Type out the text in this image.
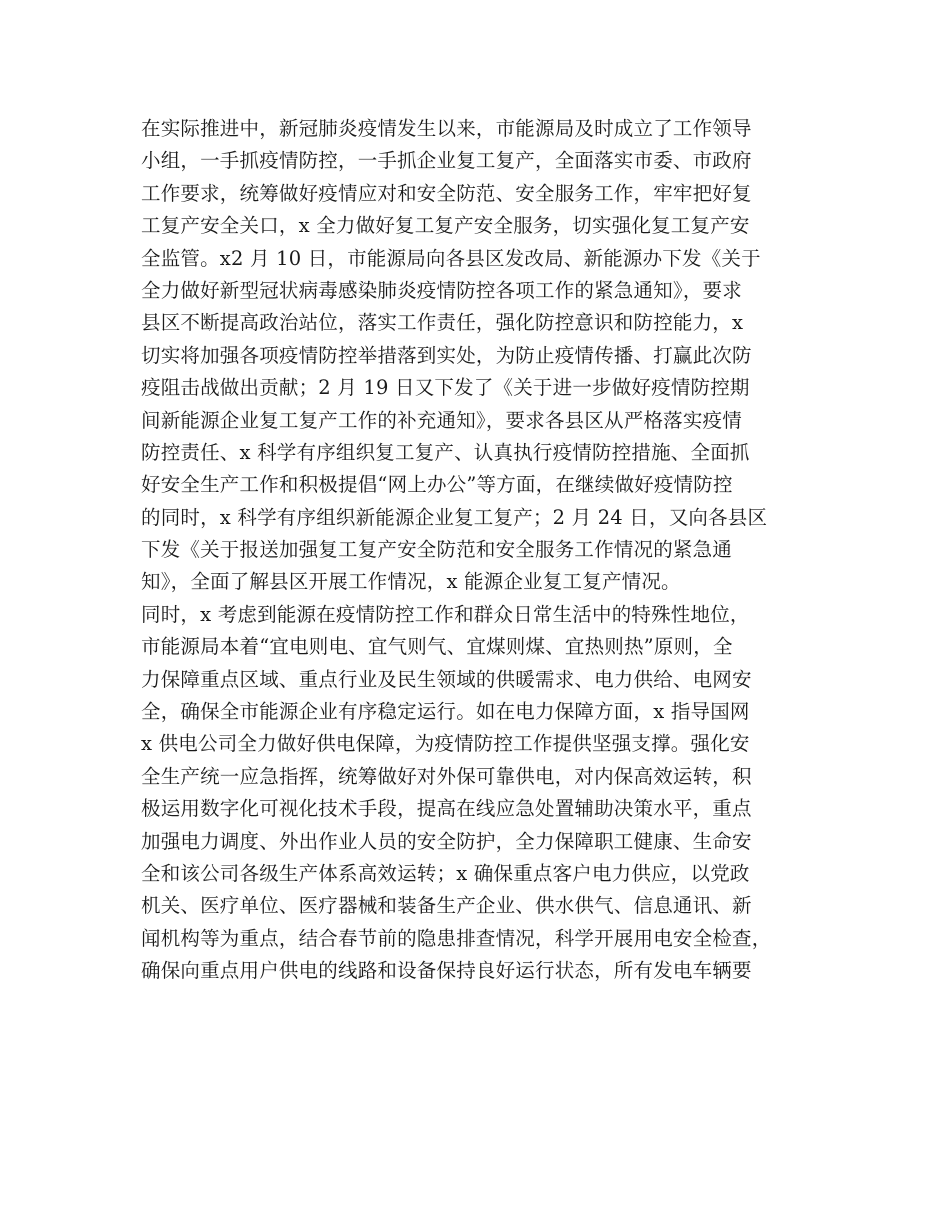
在实际推进中，新冠肺炎疫情发生以来，市能源局及时成立了工作领导
小组，一手抓疫情防控，一手抓企业复工复产，全面落实市委、市政府
工作要求，统筹做好疫情应对和安全防范、安全服务工作，牢牢把好复
工复产安全关口，x 全力做好复工复产安全服务，切实强化复工复产安
全监管。x2 月 10 日，市能源局向各县区发改局、新能源办下发《关于
全力做好新型冠状病毒感染肺炎疫情防控各项工作的紧急通知》，要求
县区不断提高政治站位，落实工作责任，强化防控意识和防控能力，x
切实将加强各项疫情防控举措落到实处，为防止疫情传播、打赢此次防
疫阻击战做出贡献；2 月 19 日又下发了《关于进一步做好疫情防控期
间新能源企业复工复产工作的补充通知》，要求各县区从严格落实疫情
防控责任、x 科学有序组织复工复产、认真执行疫情防控措施、全面抓
好安全生产工作和积极提倡“网上办公”等方面，在继续做好疫情防控
的同时，x 科学有序组织新能源企业复工复产；2 月 24 日，又向各县区
下发《关于报送加强复工复产安全防范和安全服务工作情况的紧急通
知》，全面了解县区开展工作情况，x 能源企业复工复产情况。
同时，x 考虑到能源在疫情防控工作和群众日常生活中的特殊性地位，
市能源局本着“宜电则电、宜气则气、宜煤则煤、宜热则热”原则，全
力保障重点区域、重点行业及民生领域的供暖需求、电力供给、电网安
全，确保全市能源企业有序稳定运行。如在电力保障方面，x 指导国网
x 供电公司全力做好供电保障，为疫情防控工作提供坚强支撑。强化安
全生产统一应急指挥，统筹做好对外保可靠供电，对内保高效运转，积
极运用数字化可视化技术手段，提高在线应急处置辅助决策水平，重点
加强电力调度、外出作业人员的安全防护，全力保障职工健康、生命安
全和该公司各级生产体系高效运转；x 确保重点客户电力供应，以党政
机关、医疗单位、医疗器械和装备生产企业、供水供气、信息通讯、新
闻机构等为重点，结合春节前的隐患排查情况，科学开展用电安全检查，
确保向重点用户供电的线路和设备保持良好运行状态，所有发电车辆要
